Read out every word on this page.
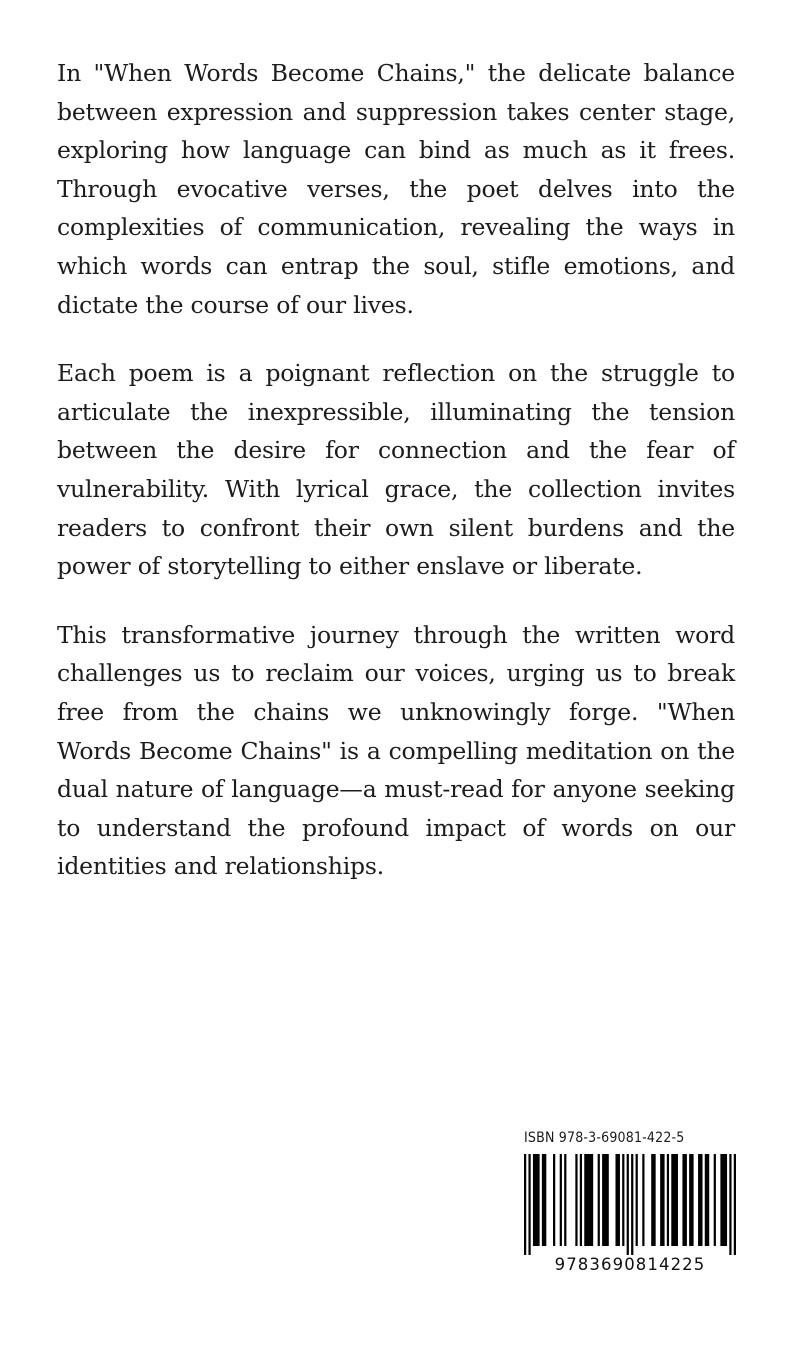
In "When Words Become Chains," the delicate balance between expression and suppression takes center stage, exploring how language can bind as much as it frees. Through evocative verses, the poet delves into the complexities of communication, revealing the ways in which words can entrap the soul, stifle emotions, and dictate the course of our lives.

Each poem is a poignant reflection on the struggle to articulate the inexpressible, illuminating the tension between the desire for connection and the fear of vulnerability. With lyrical grace, the collection invites readers to confront their own silent burdens and the power of storytelling to either enslave or liberate.

This transformative journey through the written word challenges us to reclaim our voices, urging us to break free from the chains we unknowingly forge. "When Words Become Chains" is a compelling meditation on the dual nature of language—a must-read for anyone seeking to understand the profound impact of words on our identities and relationships.

ISBN 978-3-69081-422-5
9783690814225
